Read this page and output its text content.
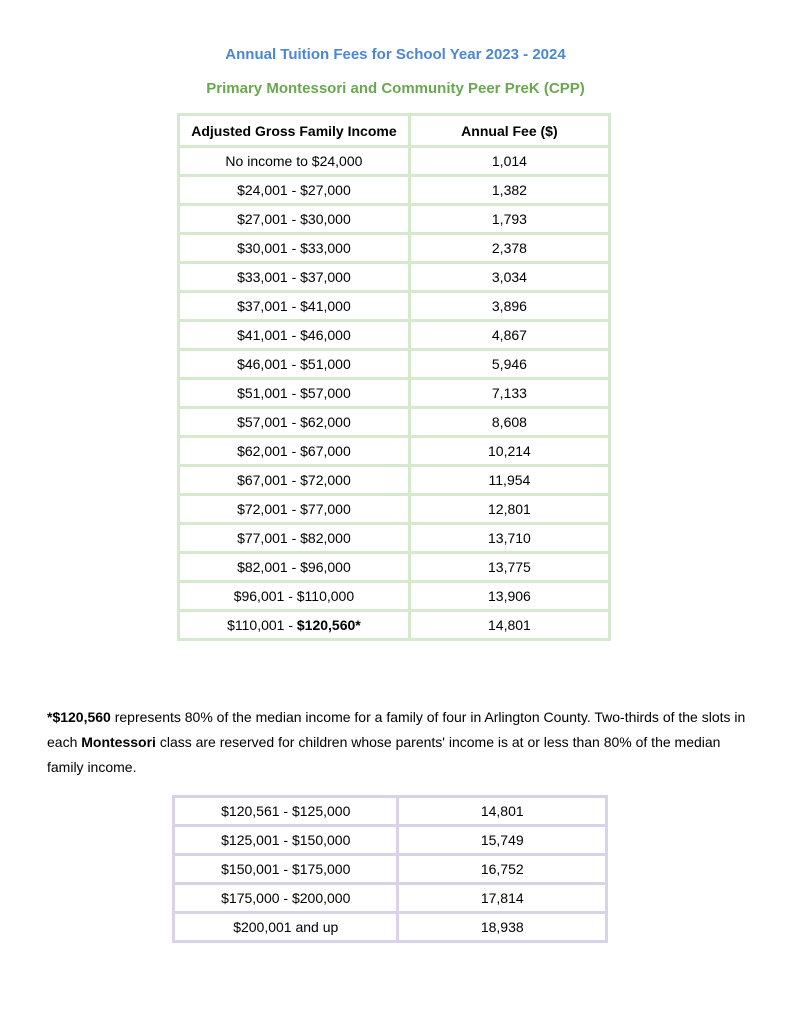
Annual Tuition Fees for School Year 2023 - 2024
Primary Montessori and Community Peer PreK (CPP)
Adjusted Gross Family Income	Annual Fee ($)
No income to $24,000	1,014
$24,001 - $27,000	1,382
$27,001 - $30,000	1,793
$30,001 - $33,000	2,378
$33,001 - $37,000	3,034
$37,001 - $41,000	3,896
$41,001 - $46,000	4,867
$46,001 - $51,000	5,946
$51,001 - $57,000	7,133
$57,001 - $62,000	8,608
$62,001 - $67,000	10,214
$67,001 - $72,000	11,954
$72,001 - $77,000	12,801
$77,001 - $82,000	13,710
$82,001 - $96,000	13,775
$96,001 - $110,000	13,906
$110,001 - $120,560*	14,801
*$120,560 represents 80% of the median income for a family of four in Arlington County. Two-thirds of the slots in each Montessori class are reserved for children whose parents' income is at or less than 80% of the median family income.
$120,561 - $125,000	14,801
$125,001 - $150,000	15,749
$150,001 - $175,000	16,752
$175,000 - $200,000	17,814
$200,001 and up	18,938
